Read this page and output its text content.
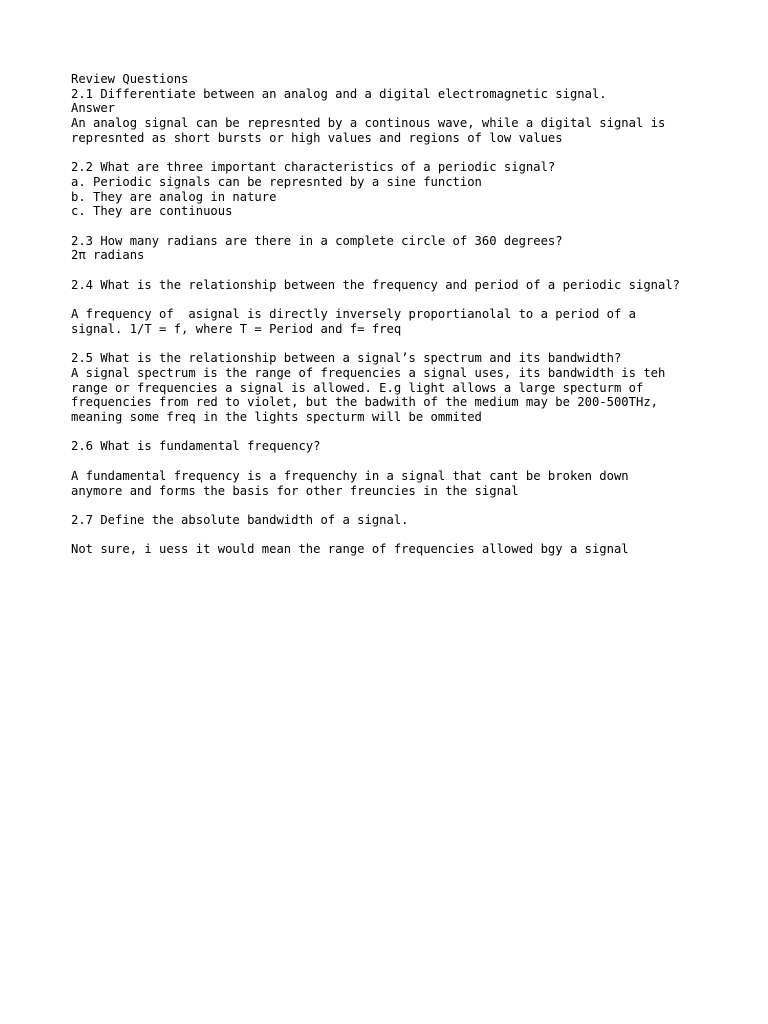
Review Questions
2.1 Differentiate between an analog and a digital electromagnetic signal.
Answer
An analog signal can be represnted by a continous wave, while a digital signal is
represnted as short bursts or high values and regions of low values
2.2 What are three important characteristics of a periodic signal?
a. Periodic signals can be represnted by a sine function
b. They are analog in nature
c. They are continuous
2.3 How many radians are there in a complete circle of 360 degrees?
2π radians
2.4 What is the relationship between the frequency and period of a periodic signal?
A frequency of  asignal is directly inversely proportianolal to a period of a
signal. 1/T = f, where T = Period and f= freq
2.5 What is the relationship between a signal’s spectrum and its bandwidth?
A signal spectrum is the range of frequencies a signal uses, its bandwidth is teh
range or frequencies a signal is allowed. E.g light allows a large specturm of
frequencies from red to violet, but the badwith of the medium may be 200-500THz,
meaning some freq in the lights specturm will be ommited
2.6 What is fundamental frequency?
A fundamental frequency is a frequenchy in a signal that cant be broken down
anymore and forms the basis for other freuncies in the signal
2.7 Define the absolute bandwidth of a signal.
Not sure, i uess it would mean the range of frequencies allowed bgy a signal
